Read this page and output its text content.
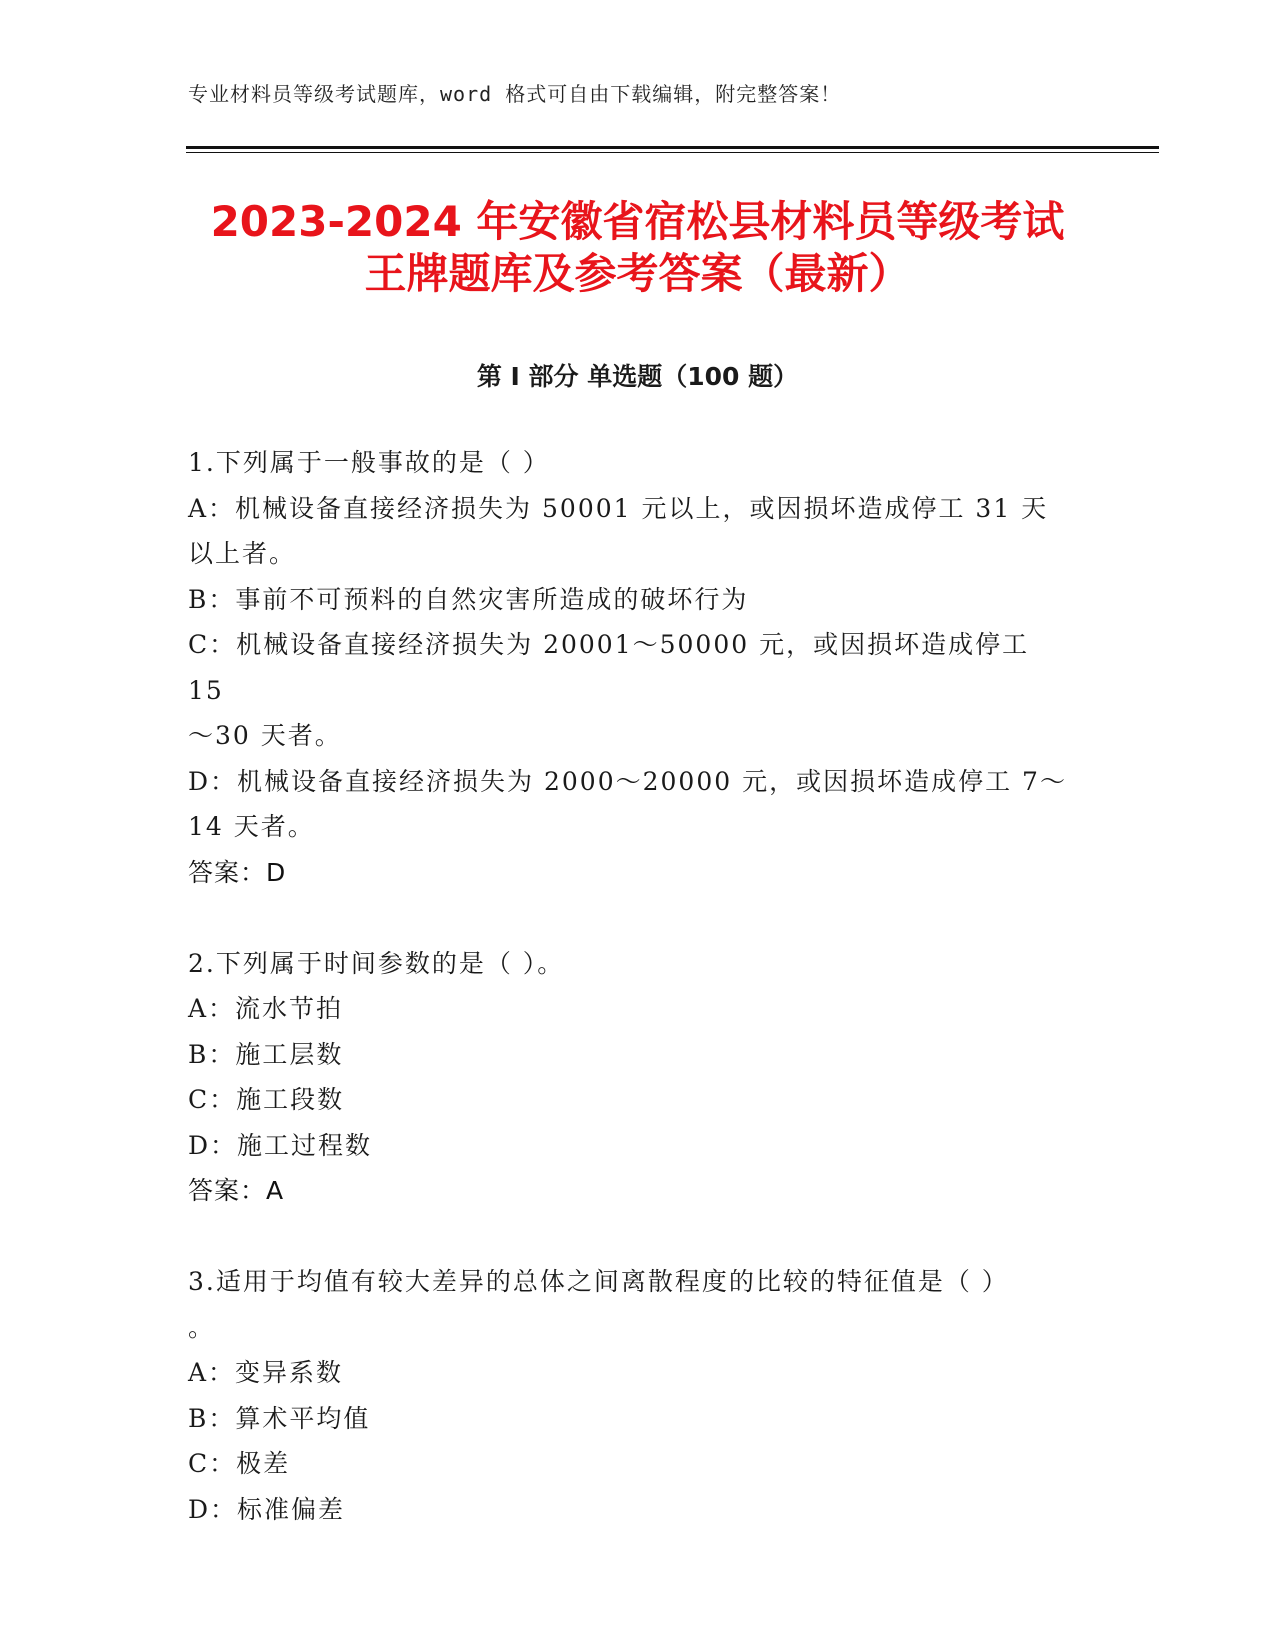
专业材料员等级考试题库，word 格式可自由下载编辑，附完整答案！
2023-2024 年安徽省宿松县材料员等级考试
王牌题库及参考答案（最新）
第 I 部分 单选题（100 题）
1.下列属于一般事故的是（ ）
A：机械设备直接经济损失为 50001 元以上，或因损坏造成停工 31 天
以上者。
B：事前不可预料的自然灾害所造成的破坏行为
C：机械设备直接经济损失为 20001～50000 元，或因损坏造成停工 15
～30 天者。
D：机械设备直接经济损失为 2000～20000 元，或因损坏造成停工 7～
14 天者。
答案：D
2.下列属于时间参数的是（ ）。
A：流水节拍
B：施工层数
C：施工段数
D：施工过程数
答案：A
3.适用于均值有较大差异的总体之间离散程度的比较的特征值是（ ）
。
A：变异系数
B：算术平均值
C：极差
D：标准偏差
